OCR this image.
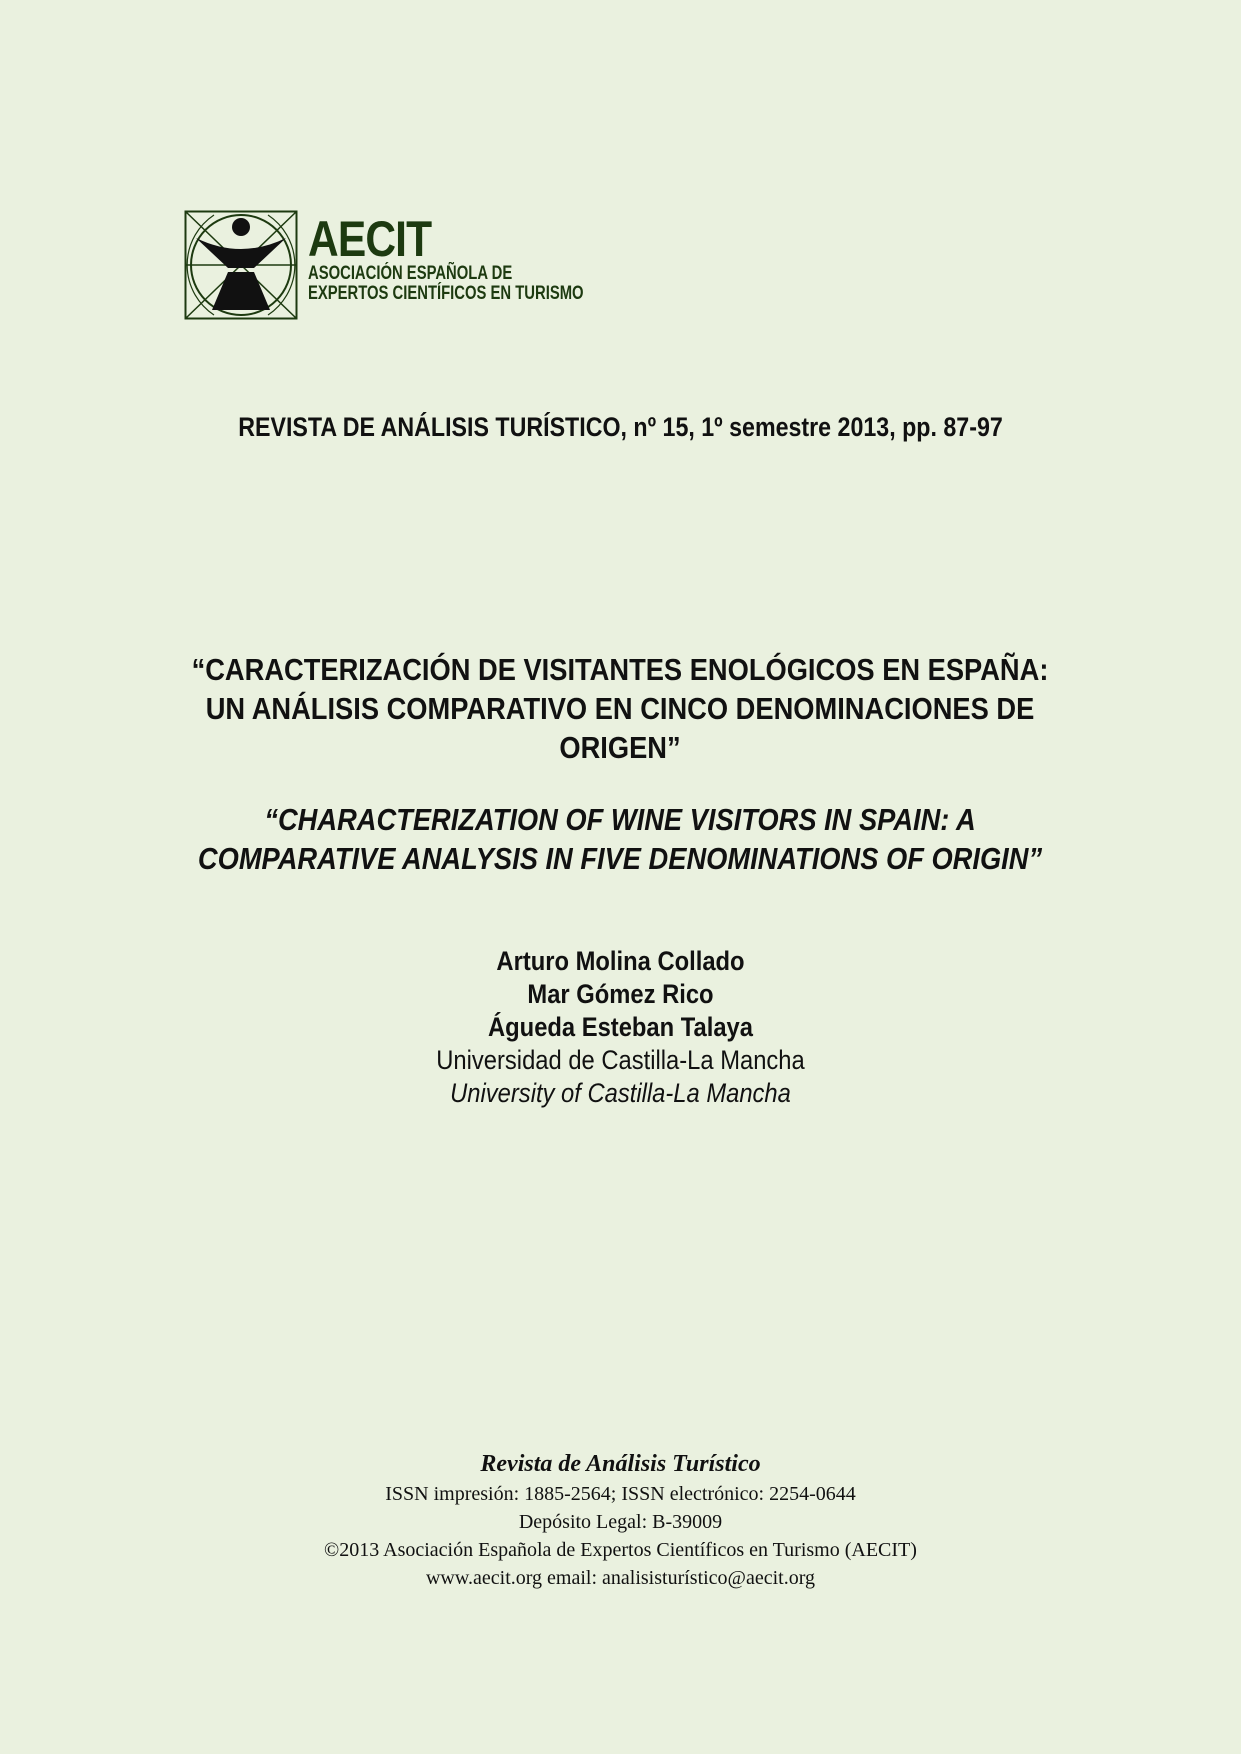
AECIT
ASOCIACIÓN ESPAÑOLA DE
EXPERTOS CIENTÍFICOS EN TURISMO
REVISTA DE ANÁLISIS TURÍSTICO, nº 15, 1º semestre 2013, pp. 87-97
“CARACTERIZACIÓN DE VISITANTES ENOLÓGICOS EN ESPAÑA:
UN ANÁLISIS COMPARATIVO EN CINCO DENOMINACIONES DE
ORIGEN”
“CHARACTERIZATION OF WINE VISITORS IN SPAIN: A
COMPARATIVE ANALYSIS IN FIVE DENOMINATIONS OF ORIGIN”
Arturo Molina Collado
Mar Gómez Rico
Águeda Esteban Talaya
Universidad de Castilla-La Mancha
University of Castilla-La Mancha
Revista de Análisis Turístico
ISSN impresión: 1885-2564; ISSN electrónico: 2254-0644
Depósito Legal: B-39009
©2013 Asociación Española de Expertos Científicos en Turismo (AECIT)
www.aecit.org email: analisisturístico@aecit.org
